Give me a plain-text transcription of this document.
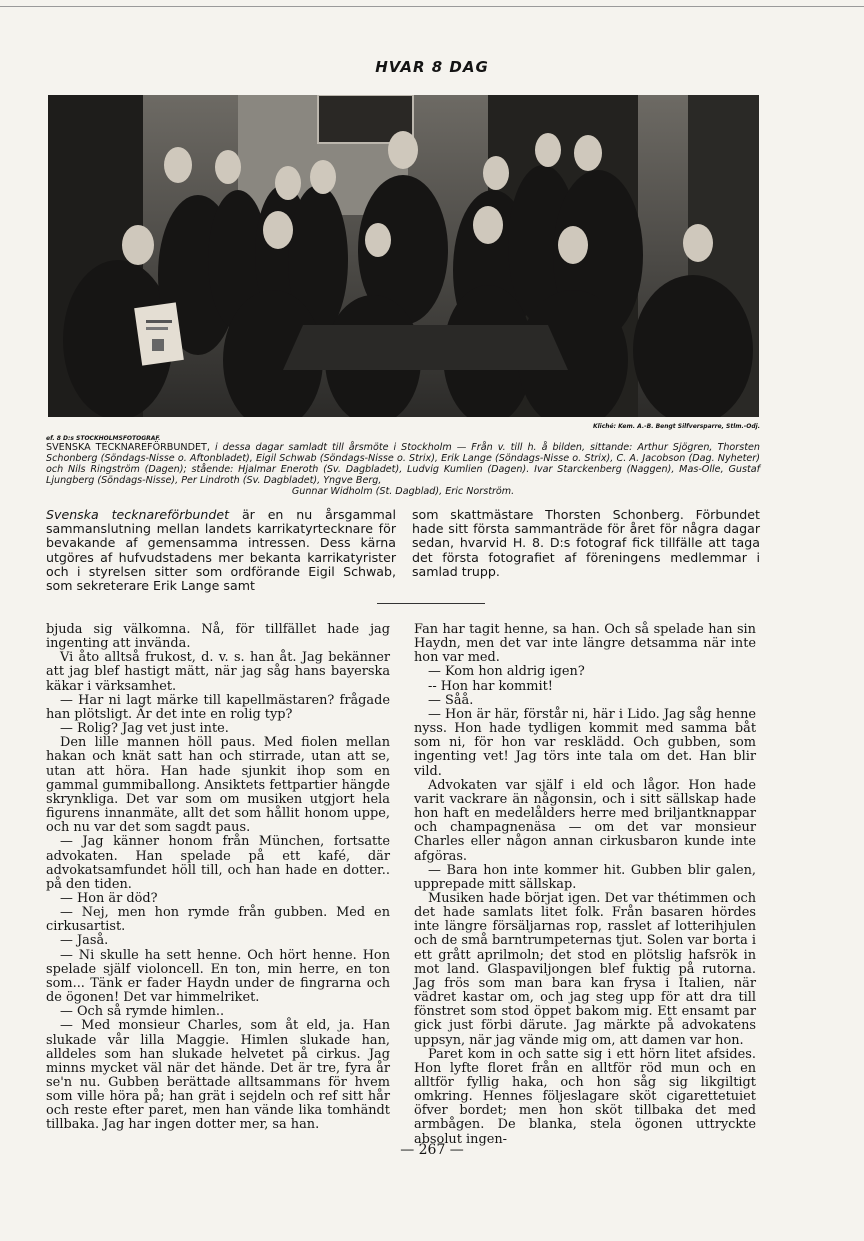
HVAR 8 DAG
ef. 8 D:s STOCKHOLMSFOTOGRAF.
Kliché: Kem. A.-B. Bengt Silfversparre, Stlm.-Odj.
SVENSKA TECKNAREFÖRBUNDET, i dessa dagar samladt till årsmöte i Stockholm — Från v. till h. å bilden, sittande: Arthur Sjögren, Thorsten Schonberg (Söndags-Nisse o. Aftonbladet), Eigil Schwab (Söndags-Nisse o. Strix), Erik Lange (Söndags-Nisse o. Strix), C. A. Jacobson (Dag. Nyheter) och Nils Ringström (Dagen); stående: Hjalmar Eneroth (Sv. Dagbladet), Ludvig Kumlien (Dagen). Ivar Starckenberg (Naggen), Mas-Olle, Gustaf Ljungberg (Söndags-Nisse), Per Lindroth (Sv. Dagbladet), Yngve Berg,
Gunnar Widholm (St. Dagblad), Eric Norström.
Svenska tecknareförbundet är en nu årsgammal sammanslutning mellan landets karrikatyrtecknare för bevakande af gemensamma intressen. Dess kärna utgöres af hufvudstadens mer bekanta karrikatyrister och i styrelsen sitter som ordförande Eigil Schwab, som sekreterare Erik Lange samt
som skattmästare Thorsten Schonberg. Förbundet hade sitt första sammanträde för året för några dagar sedan, hvarvid H. 8. D:s fotograf fick tillfälle att taga det första fotografiet af föreningens medlemmar i samlad trupp.

bjuda sig välkomna. Nå, för tillfället hade jag ingenting att invända.

Vi åto alltså frukost, d. v. s. han åt. Jag bekänner att jag blef hastigt mätt, när jag såg hans bayerska käkar i värksamhet.

— Har ni lagt märke till kapellmästaren? frågade han plötsligt. Är det inte en rolig typ?

— Rolig? Jag vet just inte.

Den lille mannen höll paus. Med fiolen mellan hakan och knät satt han och stirrade, utan att se, utan att höra. Han hade sjunkit ihop som en gammal gummiballong. Ansiktets fettpartier hängde skrynkliga. Det var som om musiken utgjort hela figurens innanmäte, allt det som hållit honom uppe, och nu var det som sagdt paus.

— Jag känner honom från München, fortsatte advokaten. Han spelade på ett kafé, där advokatsamfundet höll till, och han hade en dotter.. på den tiden.

— Hon är död?

— Nej, men hon rymde från gubben. Med en cirkusartist.

— Jaså.

— Ni skulle ha sett henne. Och hört henne. Hon spelade själf violoncell. En ton, min herre, en ton som... Tänk er fader Haydn under de fingrarna och de ögonen! Det var himmelriket.

— Och så rymde himlen..

— Med monsieur Charles, som åt eld, ja. Han slukade vår lilla Maggie. Himlen slukade han, alldeles som han slukade helvetet på cirkus. Jag minns mycket väl när det hände. Det är tre, fyra år se'n nu. Gubben berättade alltsammans för hvem som ville höra på; han grät i sejdeln och ref sitt hår och reste efter paret, men han vände lika tomhändt tillbaka. Jag har ingen dotter mer, sa han.

Fan har tagit henne, sa han. Och så spelade han sin Haydn, men det var inte längre detsamma när inte hon var med.

— Kom hon aldrig igen?

-- Hon har kommit!

— Såå.

— Hon är här, förstår ni, här i Lido. Jag såg henne nyss. Hon hade tydligen kommit med samma båt som ni, för hon var resklädd. Och gubben, som ingenting vet! Jag törs inte tala om det. Han blir vild.

Advokaten var själf i eld och lågor. Hon hade varit vackrare än någonsin, och i sitt sällskap hade hon haft en medelålders herre med briljantknappar och champagnenäsa — om det var monsieur Charles eller någon annan cirkusbaron kunde inte afgöras.

— Bara hon inte kommer hit. Gubben blir galen, upprepade mitt sällskap.

Musiken hade börjat igen. Det var thétimmen och det hade samlats litet folk. Från basaren hördes inte längre försäljarnas rop, rasslet af lotterihjulen och de små barntrumpeternas tjut. Solen var borta i ett grått aprilmoln; det stod en plötslig hafsrök in mot land. Glaspaviljongen blef fuktig på rutorna. Jag frös som man bara kan frysa i Italien, när vädret kastar om, och jag steg upp för att dra till fönstret som stod öppet bakom mig. Ett ensamt par gick just förbi därute. Jag märkte på advokatens uppsyn, när jag vände mig om, att damen var hon.

Paret kom in och satte sig i ett hörn litet afsides. Hon lyfte floret från en alltför röd mun och en alltför fyllig haka, och hon såg sig likgiltigt omkring. Hennes följeslagare sköt cigarettetuiet öfver bordet; men hon sköt tillbaka det med armbågen. De blanka, stela ögonen uttryckte absolut ingen-

— 267 —
